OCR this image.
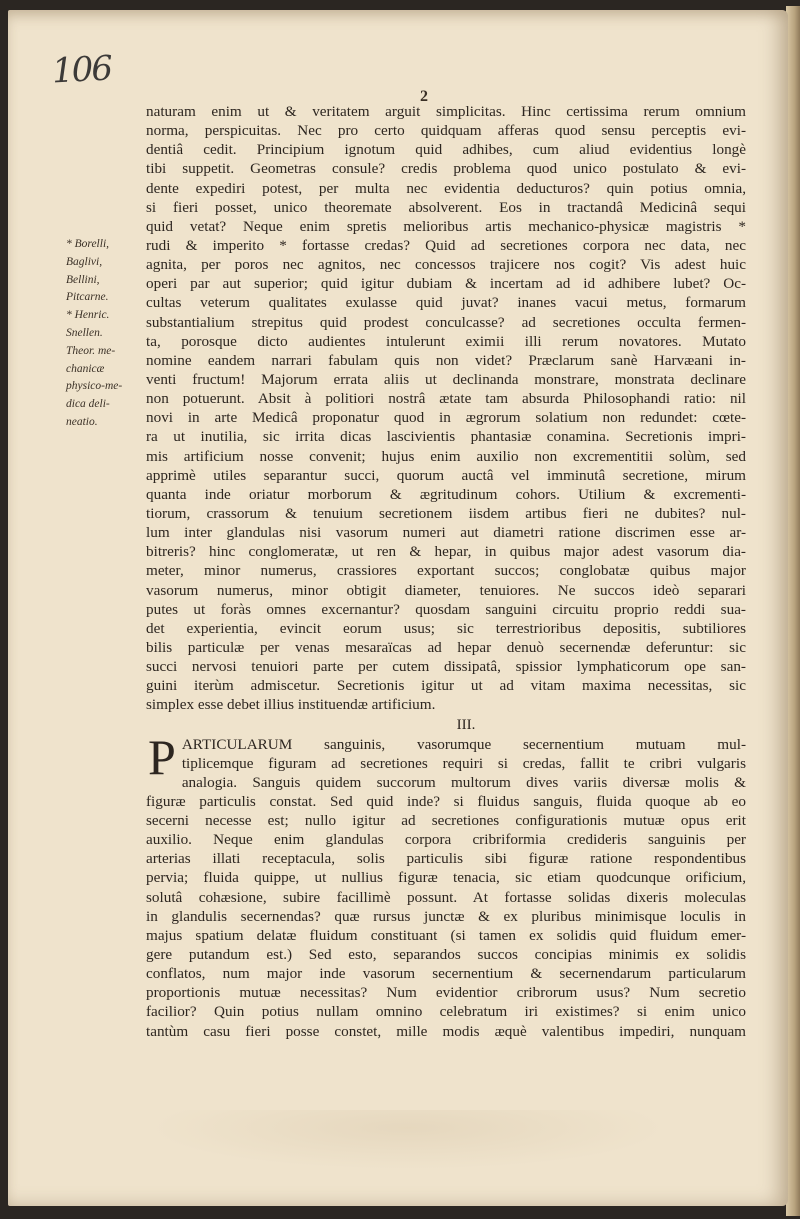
106
2
* Borelli,
Baglivi,
Bellini,
Pitcarne.
* Henric.
Snellen.
Theor. me-
chanicæ
physico-me-
dica deli-
neatio.
naturam enim ut & veritatem arguit simplicitas. Hinc certissima rerum omnium
norma, perspicuitas. Nec pro certo quidquam afferas quod sensu perceptis evi-
dentiâ cedit. Principium ignotum quid adhibes, cum aliud evidentius longè
tibi suppetit. Geometras consule? credis problema quod unico postulato & evi-
dente expediri potest, per multa nec evidentia deducturos? quin potius omnia,
si fieri posset, unico theoremate absolverent. Eos in tractandâ Medicinâ sequi
quid vetat? Neque enim spretis melioribus artis mechanico-physicæ magistris *
rudi & imperito * fortasse credas? Quid ad secretiones corpora nec data, nec
agnita, per poros nec agnitos, nec concessos trajicere nos cogit? Vis adest huic
operi par aut superior; quid igitur dubiam & incertam ad id adhibere lubet? Oc-
cultas veterum qualitates exulasse quid juvat? inanes vacui metus, formarum
substantialium strepitus quid prodest conculcasse? ad secretiones occulta fermen-
ta, porosque dicto audientes intulerunt eximii illi rerum novatores. Mutato
nomine eandem narrari fabulam quis non videt? Præclarum sanè Harvæani in-
venti fructum! Majorum errata aliis ut declinanda monstrare, monstrata declinare
non potuerunt. Absit à politiori nostrâ ætate tam absurda Philosophandi ratio: nil
novi in arte Medicâ proponatur quod in ægrorum solatium non redundet: cœte-
ra ut inutilia, sic irrita dicas lascivientis phantasiæ conamina. Secretionis impri-
mis artificium nosse convenit; hujus enim auxilio non excrementitii solùm, sed
apprimè utiles separantur succi, quorum auctâ vel imminutâ secretione, mirum
quanta inde oriatur morborum & ægritudinum cohors. Utilium & excrementi-
tiorum, crassorum & tenuium secretionem iisdem artibus fieri ne dubites? nul-
lum inter glandulas nisi vasorum numeri aut diametri ratione discrimen esse ar-
bitreris? hinc conglomeratæ, ut ren & hepar, in quibus major adest vasorum dia-
meter, minor numerus, crassiores exportant succos; conglobatæ quibus major
vasorum numerus, minor obtigit diameter, tenuiores. Ne succos ideò separari
putes ut foràs omnes excernantur? quosdam sanguini circuitu proprio reddi sua-
det experientia, evincit eorum usus; sic terrestrioribus depositis, subtiliores
bilis particulæ per venas mesaraïcas ad hepar denuò secernendæ deferuntur: sic
succi nervosi tenuiori parte per cutem dissipatâ, spissior lymphaticorum ope san-
guini iterùm admiscetur. Secretionis igitur ut ad vitam maxima necessitas, sic
simplex esse debet illius instituendæ artificium.
III.
P ARTICULARUM sanguinis, vasorumque secernentium mutuam mul-
tiplicemque figuram ad secretiones requiri si credas, fallit te cribri vulgaris
analogia. Sanguis quidem succorum multorum dives variis diversæ molis &
figuræ particulis constat. Sed quid inde? si fluidus sanguis, fluida quoque ab eo
secerni necesse est; nullo igitur ad secretiones configurationis mutuæ opus erit
auxilio. Neque enim glandulas corpora cribriformia credideris sanguinis per
arterias illati receptacula, solis particulis sibi figuræ ratione respondentibus
pervia; fluida quippe, ut nullius figuræ tenacia, sic etiam quodcunque orificium,
solutâ cohæsione, subire facillimè possunt. At fortasse solidas dixeris moleculas
in glandulis secernendas? quæ rursus junctæ & ex pluribus minimisque loculis in
majus spatium delatæ fluidum constituant (si tamen ex solidis quid fluidum emer-
gere putandum est.) Sed esto, separandos succos concipias minimis ex solidis
conflatos, num major inde vasorum secernentium & secernendarum particularum
proportionis mutuæ necessitas? Num evidentior cribrorum usus? Num secretio
facilior? Quin potius nullam omnino celebratum iri existimes? si enim unico
tantùm casu fieri posse constet, mille modis æquè valentibus impediri, nunquam
